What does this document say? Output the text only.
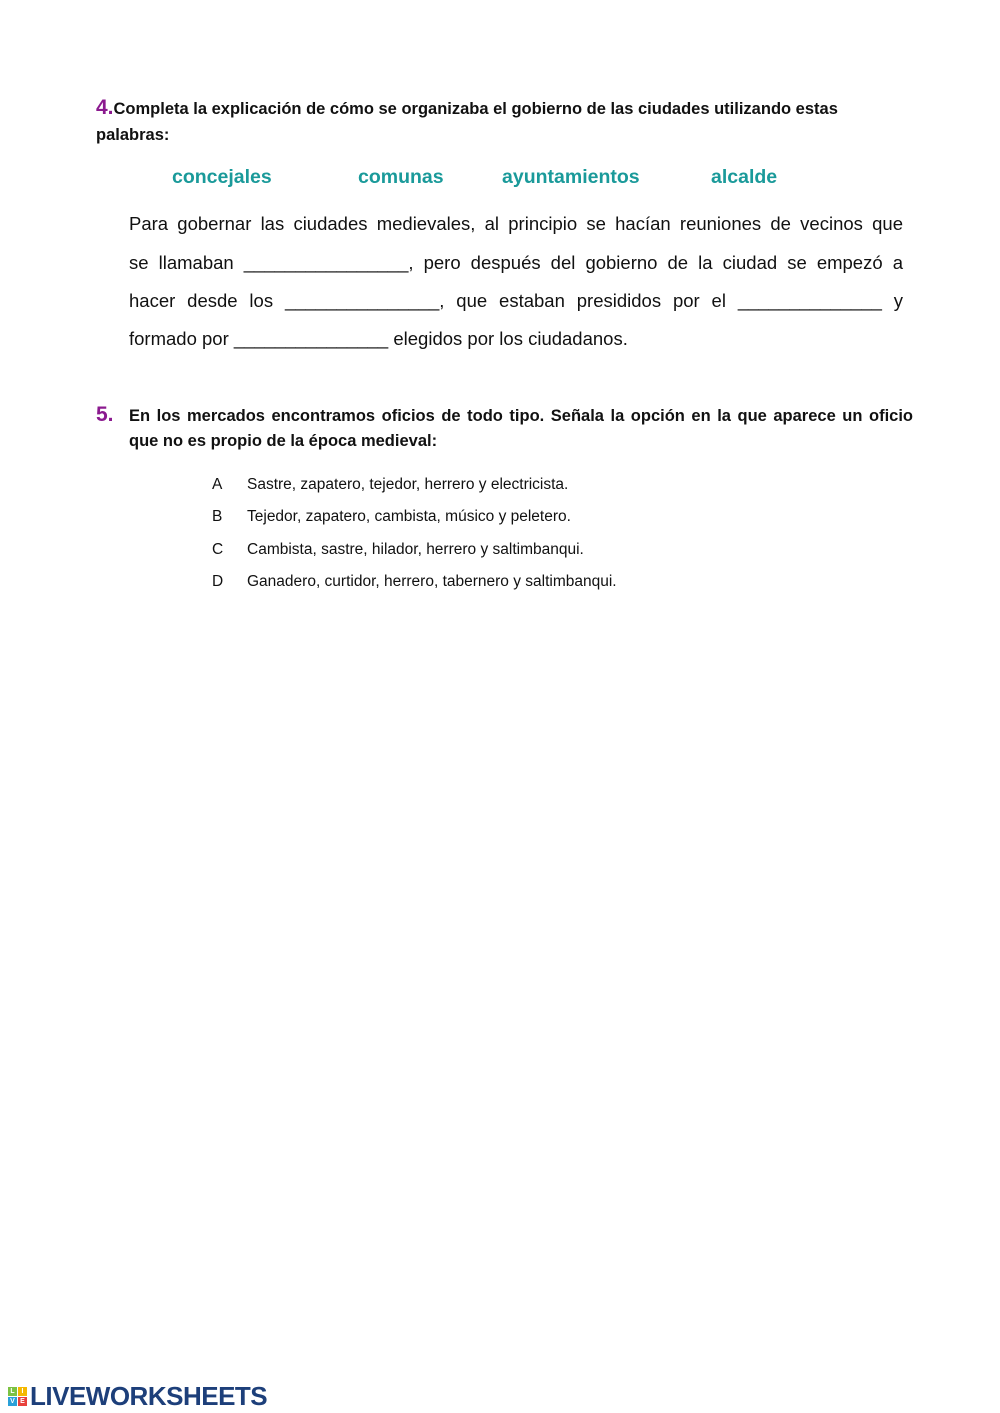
4.Completa la explicación de cómo se organizaba el gobierno de las ciudades utilizando estas
palabras:
concejales	comunas	ayuntamientos	alcalde
Para gobernar las ciudades medievales, al principio se hacían reuniones de vecinos que
se llamaban ________________, pero después del gobierno de la ciudad se empezó a
hacer desde los _______________, que estaban presididos por el ______________ y
formado por _______________ elegidos por los ciudadanos.
5. En los mercados encontramos oficios de todo tipo. Señala la opción en la que aparece un oficio que no es propio de la época medieval:
A Sastre, zapatero, tejedor, herrero y electricista.
B Tejedor, zapatero, cambista, músico y peletero.
C Cambista, sastre, hilador, herrero y saltimbanqui.
D Ganadero, curtidor, herrero, tabernero y saltimbanqui.
L I
V E LIVEWORKSHEETS
